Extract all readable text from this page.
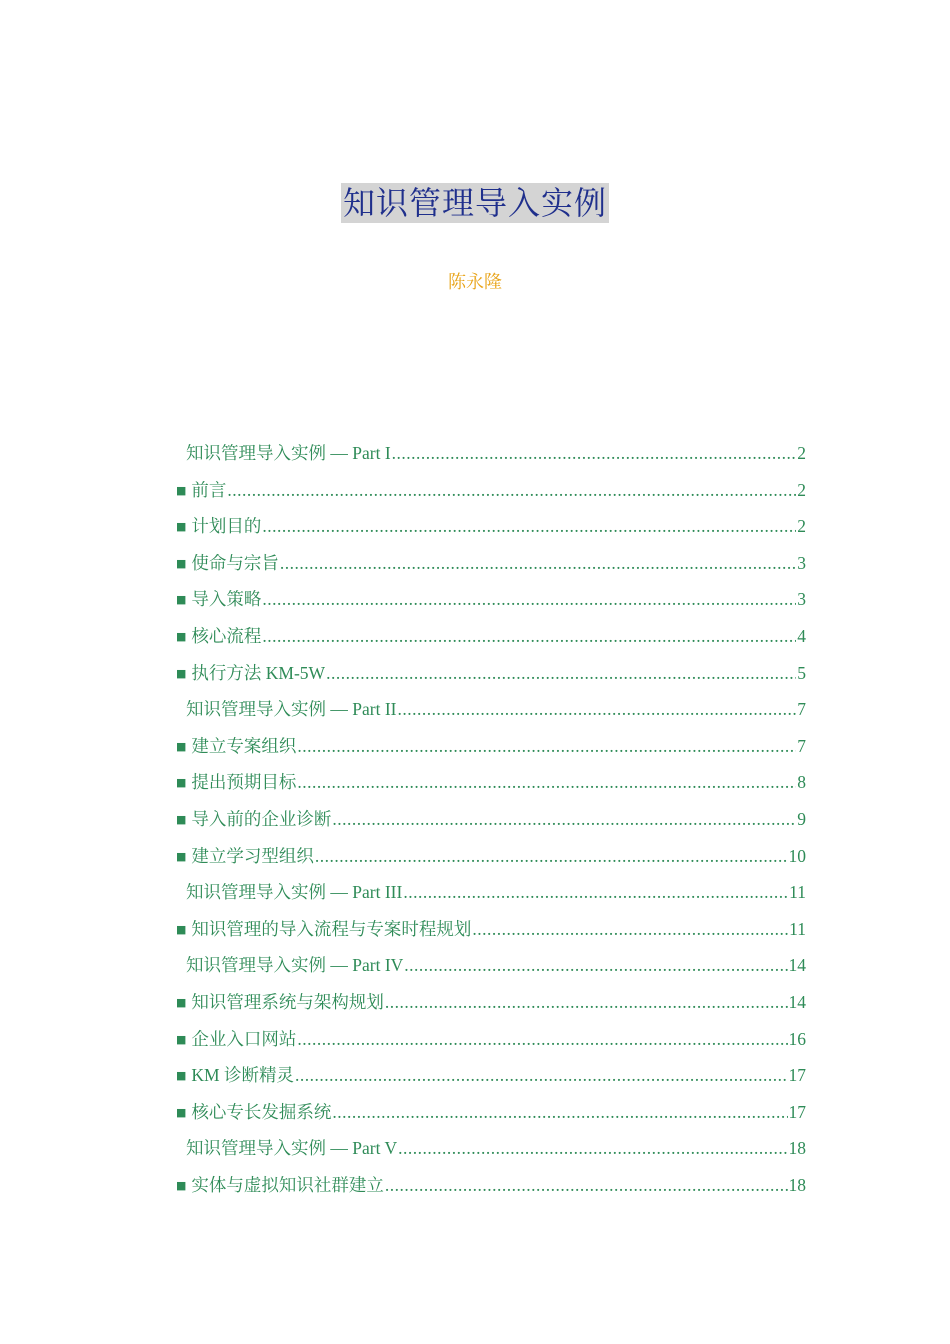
知识管理导入实例
陈永隆
知识管理导入实例 — Part I .....	2
■ 前言 .....	2
■ 计划目的 .....	2
■ 使命与宗旨 .....	3
■ 导入策略 .....	3
■ 核心流程 .....	4
■ 执行方法 KM-5W .....	5
知识管理导入实例 — Part II .....	7
■ 建立专案组织 .....	7
■ 提出预期目标 .....	8
■ 导入前的企业诊断 .....	9
■ 建立学习型组织 .....	10
知识管理导入实例 — Part III .....	11
■ 知识管理的导入流程与专案时程规划 .....	11
知识管理导入实例 — Part IV .....	14
■ 知识管理系统与架构规划 .....	14
■ 企业入口网站 .....	16
■ KM 诊断精灵 .....	17
■ 核心专长发掘系统 .....	17
知识管理导入实例 — Part V .....	18
■ 实体与虚拟知识社群建立 .....	18
